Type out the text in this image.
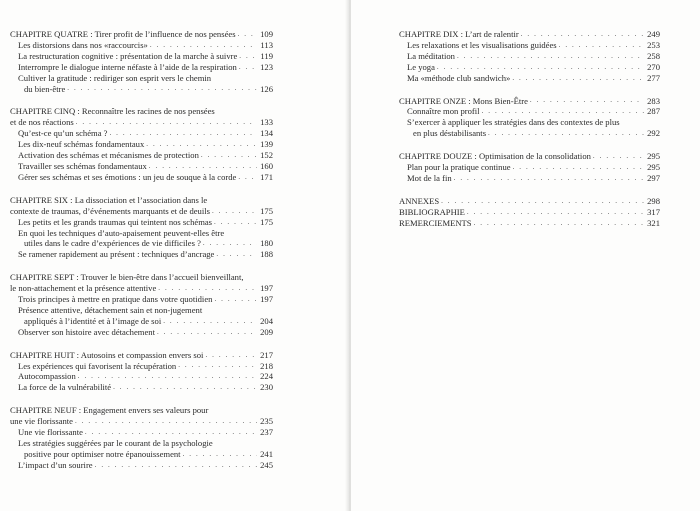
CHAPITRE QUATRE : Tirer profit de l’influence de nos pensées . . .	109
Les distorsions dans nos «raccourcis» . . .	113
La restructuration cognitive : présentation de la marche à suivre . . .	119
Interrompre le dialogue interne néfaste à l’aide de la respiration . . .	123
Cultiver la gratitude : rediriger son esprit vers le chemin
du bien-être . . .	126
CHAPITRE CINQ : Reconnaître les racines de nos pensées
et de nos réactions . . .	133
Qu’est-ce qu’un schéma ? . . .	134
Les dix-neuf schémas fondamentaux . . .	139
Activation des schémas et mécanismes de protection . . .	152
Travailler ses schémas fondamentaux . . .	160
Gérer ses schémas et ses émotions : un jeu de souque à la corde . . .	171
CHAPITRE SIX : La dissociation et l’association dans le
contexte de traumas, d’événements marquants et de deuils . . .	175
Les petits et les grands traumas qui teintent nos schémas . . .	175
En quoi les techniques d’auto-apaisement peuvent-elles être
utiles dans le cadre d’expériences de vie difficiles ? . . .	180
Se ramener rapidement au présent : techniques d’ancrage . . .	188
CHAPITRE SEPT : Trouver le bien-être dans l’accueil bienveillant,
le non-attachement et la présence attentive . . .	197
Trois principes à mettre en pratique dans votre quotidien . . .	197
Présence attentive, détachement sain et non-jugement
appliqués à l’identité et à l’image de soi . . .	204
Observer son histoire avec détachement . . .	209
CHAPITRE HUIT : Autosoins et compassion envers soi . . .	217
Les expériences qui favorisent la récupération . . .	218
Autocompassion . . .	224
La force de la vulnérabilité . . .	230
CHAPITRE NEUF : Engagement envers ses valeurs pour
une vie florissante . . .	235
Une vie florissante . . .	237
Les stratégies suggérées par le courant de la psychologie
positive pour optimiser notre épanouissement . . .	241
L’impact d’un sourire . . .	245
CHAPITRE DIX : L’art de ralentir . . .	249
Les relaxations et les visualisations guidées . . .	253
La méditation . . .	258
Le yoga . . .	270
Ma «méthode club sandwich» . . .	277
CHAPITRE ONZE : Mons Bien-Être . . .	283
Connaître mon profil . . .	287
S’exercer à appliquer les stratégies dans des contextes de plus
en plus déstabilisants . . .	292
CHAPITRE DOUZE : Optimisation de la consolidation . . .	295
Plan pour la pratique continue . . .	295
Mot de la fin . . .	297
ANNEXES . . .	298
BIBLIOGRAPHIE . . .	317
REMERCIEMENTS . . .	321
